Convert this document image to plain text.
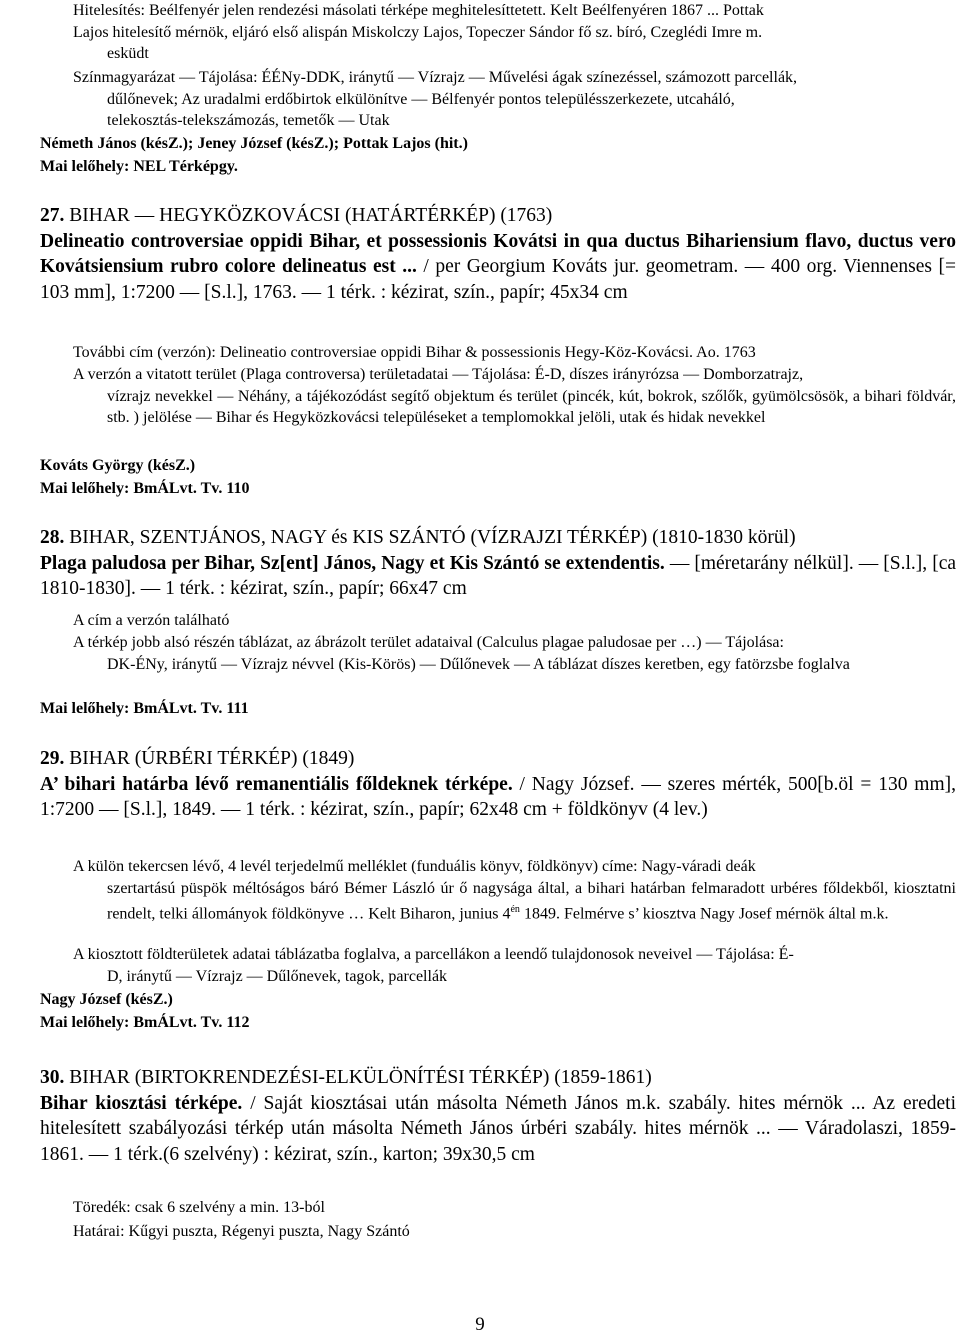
Hitelesítés: Beélfenyér jelen rendezési másolati térképe meghitelesíttetett. Kelt Beélfenyéren 1867 ... Pottak
Lajos hitelesítő mérnök, eljáró első alispán Miskolczy Lajos, Topeczer Sándor fő sz. bíró, Czeglédi Imre m.
esküdt
Színmagyarázat — Tájolása: ÉÉNy-DDK, iránytű — Vízrajz — Művelési ágak színezéssel, számozott parcellák,
dűlőnevek; Az uradalmi erdőbirtok elkülönítve — Bélfenyér pontos településszerkezete, utcaháló,
telekosztás-telekszámozás, temetők — Utak
Németh János (késZ.); Jeney József (késZ.); Pottak Lajos (hit.)
Mai lelőhely: NEL Térképgy.
27. BIHAR — HEGYKÖZKOVÁCSI (HATÁRTÉRKÉP) (1763)
Delineatio controversiae oppidi Bihar, et possessionis Kovátsi in qua ductus Bihariensium flavo, ductus vero Kovátsiensium rubro colore delineatus est ... / per Georgium Kováts jur. geometram. — 400 org. Viennenses [= 103 mm], 1:7200 — [S.l.], 1763. — 1 térk. : kézirat, szín., papír; 45x34 cm
További cím (verzón): Delineatio controversiae oppidi Bihar & possessionis Hegy-Köz-Kovácsi. Ao. 1763
A verzón a vitatott terület (Plaga controversa) területadatai — Tájolása: É-D, díszes irányrózsa — Domborzatrajz,
vízrajz nevekkel — Néhány, a tájékozódást segítő objektum és terület (pincék, kút, bokrok, szőlők, gyümölcsösök, a bihari földvár, stb. ) jelölése — Bihar és Hegyközkovácsi településeket a templomokkal jelöli, utak és hidak nevekkel
Kováts György (késZ.)
Mai lelőhely: BmÁLvt. Tv. 110
28. BIHAR, SZENTJÁNOS, NAGY és KIS SZÁNTÓ (VÍZRAJZI TÉRKÉP) (1810-1830 körül)
Plaga paludosa per Bihar, Sz[ent] János, Nagy et Kis Szántó se extendentis. — [méretarány nélkül]. — [S.l.], [ca 1810-1830]. — 1 térk. : kézirat, szín., papír; 66x47 cm
A cím a verzón található
A térkép jobb alsó részén táblázat, az ábrázolt terület adataival (Calculus plagae paludosae per …) — Tájolása:
DK-ÉNy, iránytű — Vízrajz névvel (Kis-Körös) — Dűlőnevek — A táblázat díszes keretben, egy fatörzsbe foglalva
Mai lelőhely: BmÁLvt. Tv. 111
29. BIHAR (ÚRBÉRI TÉRKÉP) (1849)
A’ bihari határba lévő remanentiális főldeknek térképe. / Nagy József. — szeres mérték, 500[b.öl = 130 mm], 1:7200 — [S.l.], 1849. — 1 térk. : kézirat, szín., papír; 62x48 cm + földkönyv (4 lev.)
A külön tekercsen lévő, 4 levél terjedelmű melléklet (funduális könyv, földkönyv) címe: Nagy-váradi deák
szertartású püspök méltóságos báró Bémer László úr ő nagysága által, a bihari határban felmaradott urbéres főldekből, kiosztatni rendelt, telki állományok földkönyve … Kelt Biharon, junius $4^{én}$ 1849. Felmérve s’ kiosztva Nagy Josef mérnök által m.k.
A kiosztott földterületek adatai táblázatba foglalva, a parcellákon a leendő tulajdonosok neveivel — Tájolása: É-
D, iránytű — Vízrajz — Dűlőnevek, tagok, parcellák
Nagy József (késZ.)
Mai lelőhely: BmÁLvt. Tv. 112
30. BIHAR (BIRTOKRENDEZÉSI-ELKÜLÖNÍTÉSI TÉRKÉP) (1859-1861)
Bihar kiosztási térképe. / Saját kiosztásai után másolta Németh János m.k. szabály. hites mérnök ... Az eredeti hitelesített szabályozási térkép után másolta Németh János úrbéri szabály. hites mérnök ... — Váradolaszi, 1859-1861. — 1 térk.(6 szelvény) : kézirat, szín., karton; 39x30,5 cm
Töredék: csak 6 szelvény a min. 13-ból
Határai: Kűgyi puszta, Régenyi puszta, Nagy Szántó
9
